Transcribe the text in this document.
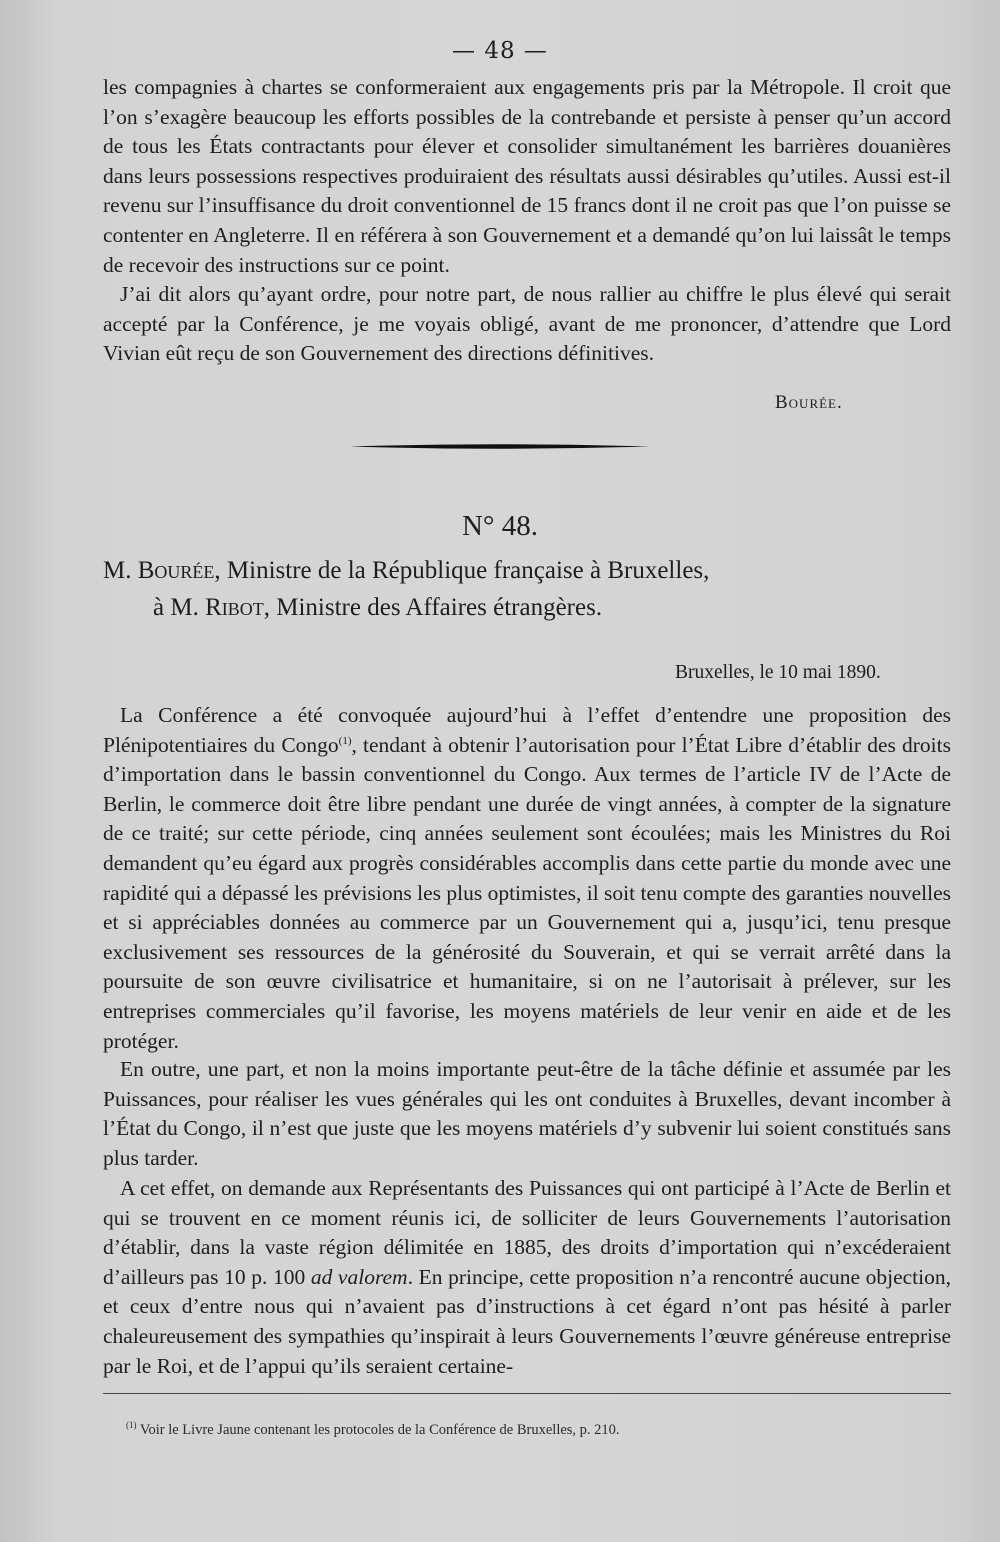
— 48 —

les compagnies à chartes se conformeraient aux engagements pris par la Métropole. Il croit que l’on s’exagère beaucoup les efforts possibles de la contrebande et persiste à penser qu’un accord de tous les États contractants pour élever et consolider simultanément les barrières douanières dans leurs possessions respectives produiraient des résultats aussi désirables qu’utiles. Aussi est-il revenu sur l’insuffisance du droit conventionnel de 15 francs dont il ne croit pas que l’on puisse se contenter en Angleterre. Il en référera à son Gouvernement et a demandé qu’on lui laissât le temps de recevoir des instructions sur ce point.

J’ai dit alors qu’ayant ordre, pour notre part, de nous rallier au chiffre le plus élevé qui serait accepté par la Conférence, je me voyais obligé, avant de me prononcer, d’attendre que Lord Vivian eût reçu de son Gouvernement des directions définitives.

Bourée.
N° 48.
M. Bourée, Ministre de la République française à Bruxelles,
à M. Ribot, Ministre des Affaires étrangères.
Bruxelles, le 10 mai 1890.

La Conférence a été convoquée aujourd’hui à l’effet d’entendre une proposition des Plénipotentiaires du Congo$^{(1)}$, tendant à obtenir l’autorisation pour l’État Libre d’établir des droits d’importation dans le bassin conventionnel du Congo. Aux termes de l’article IV de l’Acte de Berlin, le commerce doit être libre pendant une durée de vingt années, à compter de la signature de ce traité; sur cette période, cinq années seulement sont écoulées; mais les Ministres du Roi demandent qu’eu égard aux progrès considérables accomplis dans cette partie du monde avec une rapidité qui a dépassé les prévisions les plus optimistes, il soit tenu compte des garanties nouvelles et si appréciables données au commerce par un Gouvernement qui a, jusqu’ici, tenu presque exclusivement ses ressources de la générosité du Souverain, et qui se verrait arrêté dans la poursuite de son œuvre civilisatrice et humanitaire, si on ne l’autorisait à prélever, sur les entreprises commerciales qu’il favorise, les moyens matériels de leur venir en aide et de les protéger.

En outre, une part, et non la moins importante peut-être de la tâche définie et assumée par les Puissances, pour réaliser les vues générales qui les ont conduites à Bruxelles, devant incomber à l’État du Congo, il n’est que juste que les moyens matériels d’y subvenir lui soient constitués sans plus tarder.

A cet effet, on demande aux Représentants des Puissances qui ont participé à l’Acte de Berlin et qui se trouvent en ce moment réunis ici, de solliciter de leurs Gouvernements l’autorisation d’établir, dans la vaste région délimitée en 1885, des droits d’importation qui n’excéderaient d’ailleurs pas 10 p. 100 ad valorem. En principe, cette proposition n’a rencontré aucune objection, et ceux d’entre nous qui n’avaient pas d’instructions à cet égard n’ont pas hésité à parler chaleureusement des sympathies qu’inspirait à leurs Gouvernements l’œuvre généreuse entreprise par le Roi, et de l’appui qu’ils seraient certaine-

$^{(1)}$ Voir le Livre Jaune contenant les protocoles de la Conférence de Bruxelles, p. 210.
